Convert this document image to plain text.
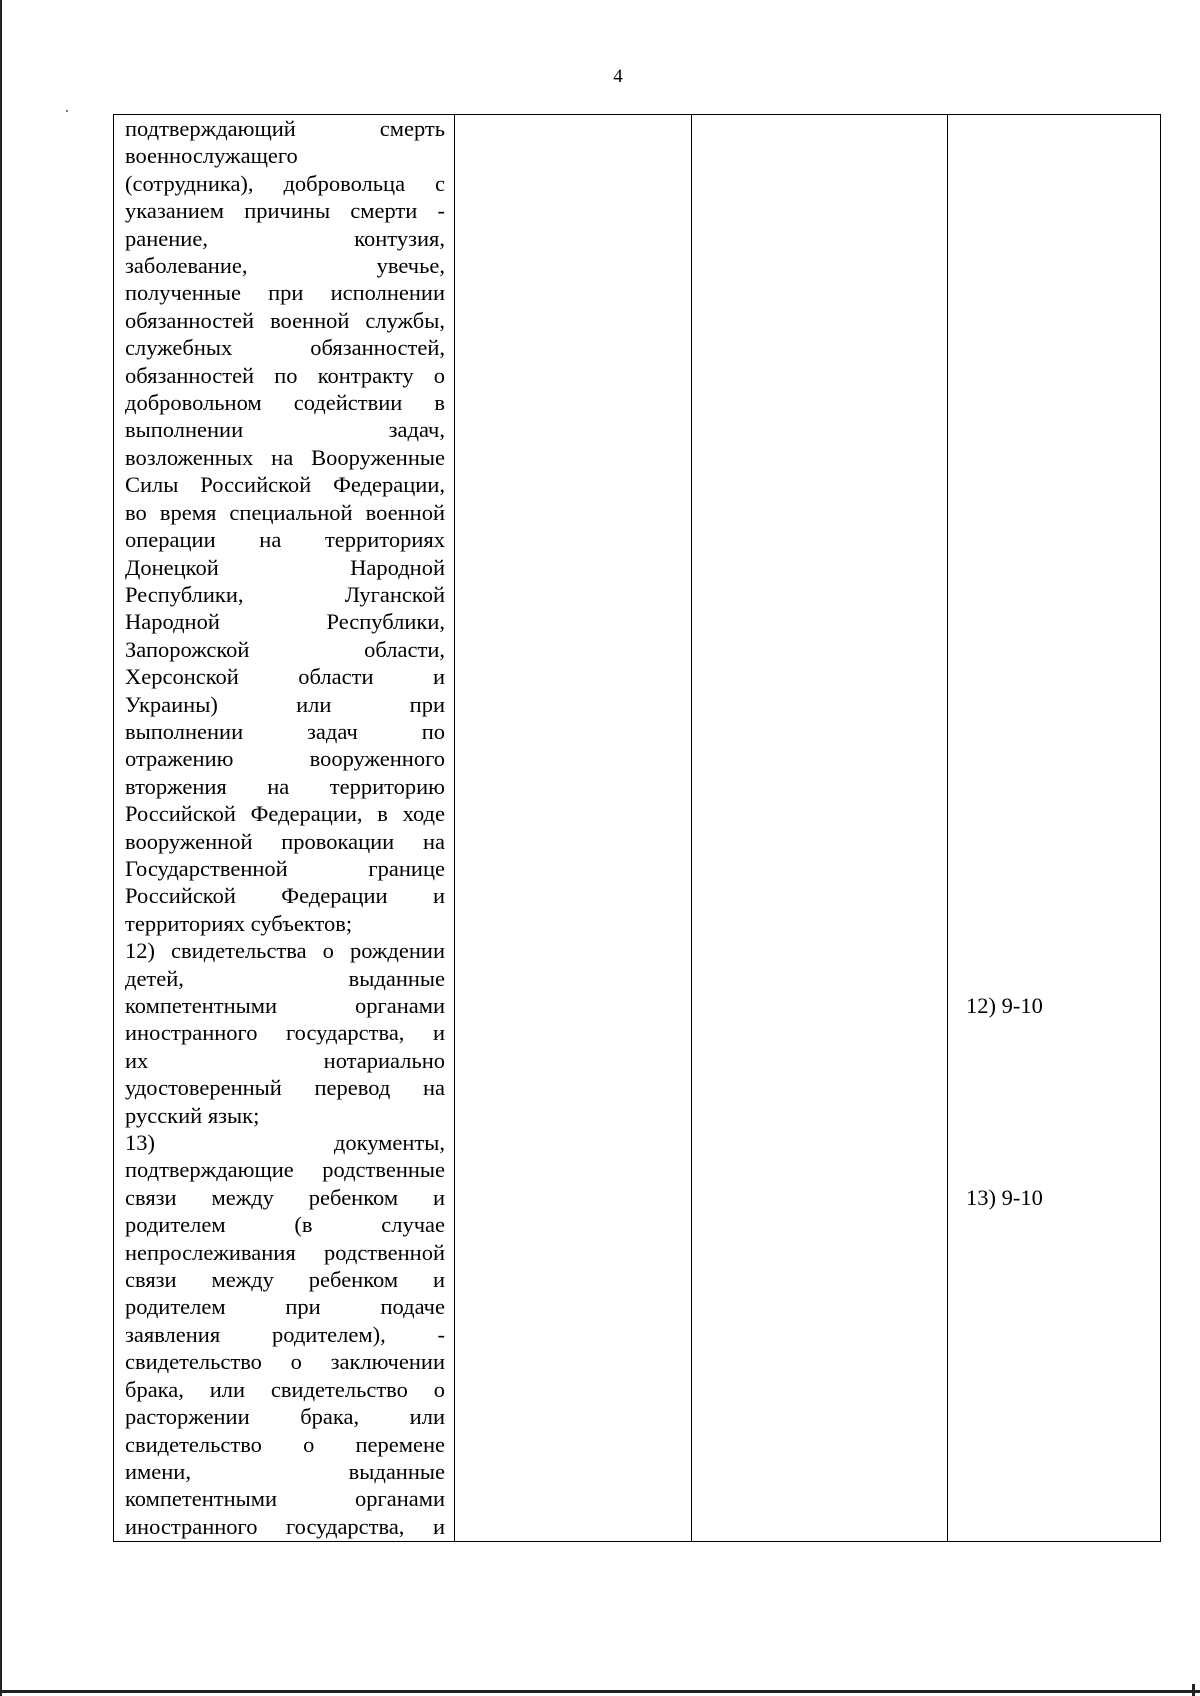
4
подтверждающий смерть
военнослужащего
(сотрудника), добровольца с
указанием причины смерти -
ранение, контузия,
заболевание, увечье,
полученные при исполнении
обязанностей военной службы,
служебных обязанностей,
обязанностей по контракту о
добровольном содействии в
выполнении задач,
возложенных на Вооруженные
Силы Российской Федерации,
во время специальной военной
операции на территориях
Донецкой Народной
Республики, Луганской
Народной Республики,
Запорожской области,
Херсонской области и
Украины) или при
выполнении задач по
отражению вооруженного
вторжения на территорию
Российской Федерации, в ходе
вооруженной провокации на
Государственной границе
Российской Федерации и
территориях субъектов;
12) свидетельства о рождении
детей, выданные
компетентными органами
иностранного государства, и
их нотариально
удостоверенный перевод на
русский язык;
13) документы,
подтверждающие родственные
связи между ребенком и
родителем (в случае
непрослеживания родственной
связи между ребенком и
родителем при подаче
заявления родителем), -
свидетельство о заключении
брака, или свидетельство о
расторжении брака, или
свидетельство о перемене
имени, выданные
компетентными органами
иностранного государства, и
12) 9-10
13) 9-10
